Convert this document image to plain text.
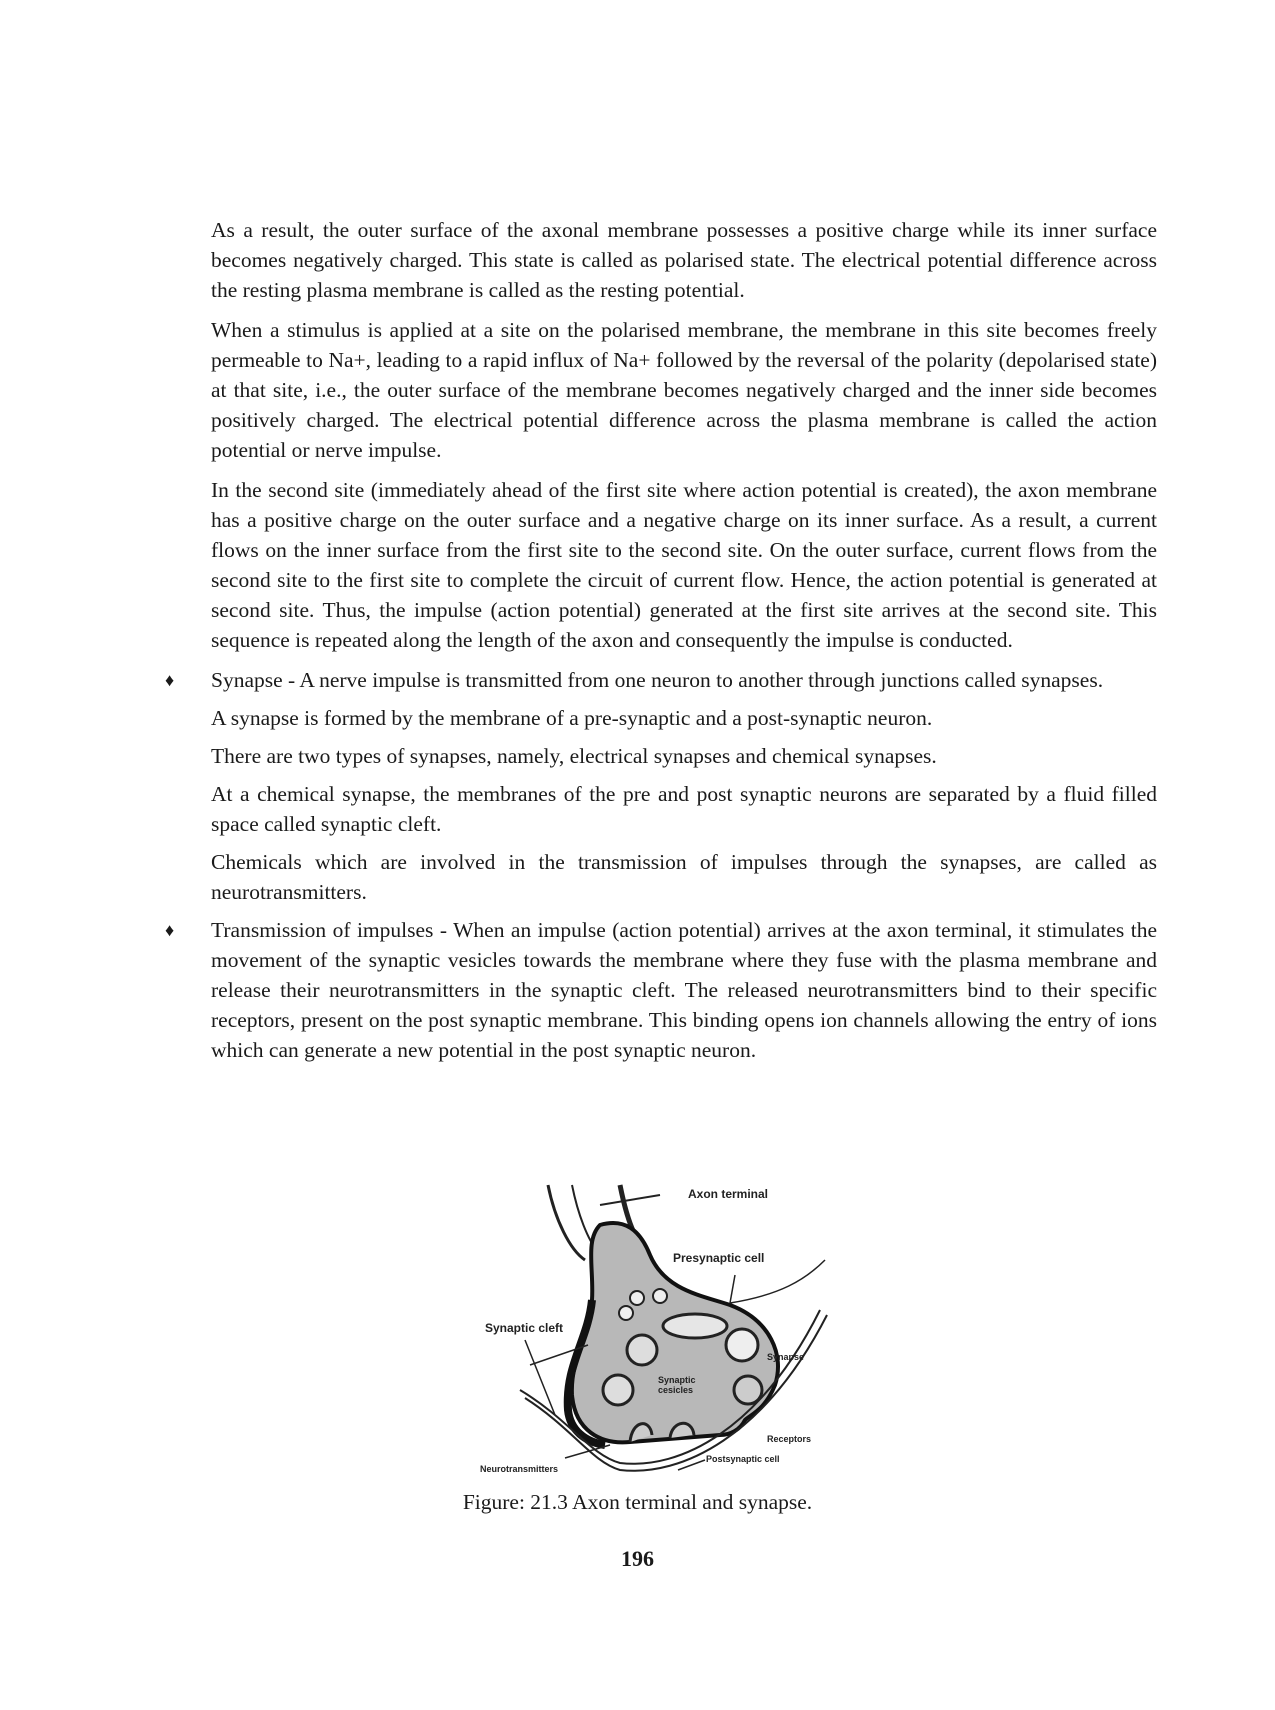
As a result, the outer surface of the axonal membrane possesses a positive charge while its inner surface becomes negatively charged. This state is called as polarised state. The electrical potential difference across the resting plasma membrane is called as the resting potential.

When a stimulus is applied at a site on the polarised membrane, the membrane in this site becomes freely permeable to Na+, leading to a rapid influx of Na+ followed by the reversal of the polarity (depolarised state) at that site, i.e., the outer surface of the membrane becomes negatively charged and the inner side becomes positively charged. The electrical potential difference across the plasma membrane is called the action potential or nerve impulse.

In the second site (immediately ahead of the first site where action potential is created), the axon membrane has a positive charge on the outer surface and a negative charge on its inner surface. As a result, a current flows on the inner surface from the first site to the second site. On the outer surface, current flows from the second site to the first site to complete the circuit of current flow. Hence, the action potential is generated at second site. Thus, the impulse (action potential) generated at the first site arrives at the second site. This sequence is repeated along the length of the axon and consequently the impulse is conducted.

♦ Synapse - A nerve impulse is transmitted from one neuron to another through junctions called synapses.

A synapse is formed by the membrane of a pre-synaptic and a post-synaptic neuron.

There are two types of synapses, namely, electrical synapses and chemical synapses.

At a chemical synapse, the membranes of the pre and post synaptic neurons are separated by a fluid filled space called synaptic cleft.

Chemicals which are involved in the transmission of impulses through the synapses, are called as neurotransmitters.

♦ Transmission of impulses - When an impulse (action potential) arrives at the axon terminal, it stimulates the movement of the synaptic vesicles towards the membrane where they fuse with the plasma membrane and release their neurotransmitters in the synaptic cleft. The released neurotransmitters bind to their specific receptors, present on the post synaptic membrane. This binding opens ion channels allowing the entry of ions which can generate a new potential in the post synaptic neuron.

Axon terminal
Presynaptic cell
Synaptic cleft
Synapse
Synaptic
cesicles
Receptors
Postsynaptic cell
Neurotransmitters
Figure: 21.3 Axon terminal and synapse.
196
